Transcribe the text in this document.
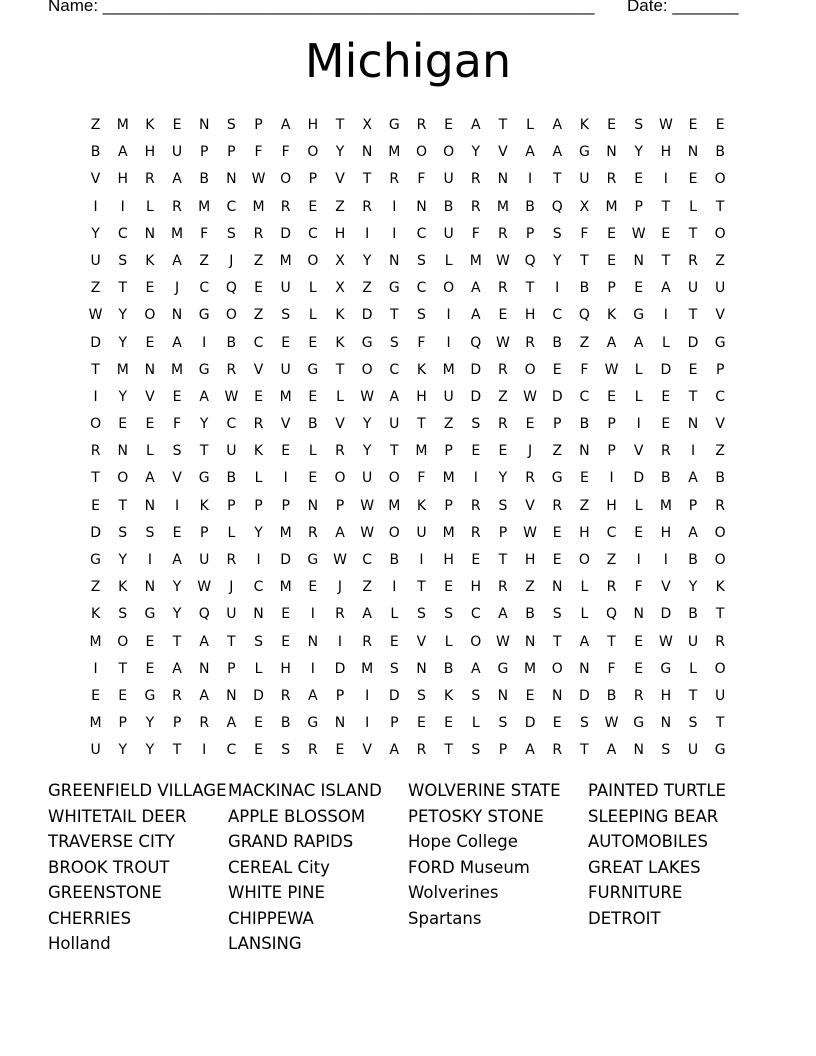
Name: ____________________________________________________ Date: _______
Michigan
Z	M	K	E	N	S	P	A	H	T	X	G	R	E	A	T	L	A	K	E	S	W	E	E
B	A	H	U	P	P	F	F	O	Y	N	M	O	O	Y	V	A	A	G	N	Y	H	N	B
V	H	R	A	B	N	W	O	P	V	T	R	F	U	R	N	I	T	U	R	E	I	E	O
I	I	L	R	M	C	M	R	E	Z	R	I	N	B	R	M	B	Q	X	M	P	T	L	T
Y	C	N	M	F	S	R	D	C	H	I	I	C	U	F	R	P	S	F	E	W	E	T	O
U	S	K	A	Z	J	Z	M	O	X	Y	N	S	L	M	W	Q	Y	T	E	N	T	R	Z
Z	T	E	J	C	Q	E	U	L	X	Z	G	C	O	A	R	T	I	B	P	E	A	U	U
W	Y	O	N	G	O	Z	S	L	K	D	T	S	I	A	E	H	C	Q	K	G	I	T	V
D	Y	E	A	I	B	C	E	E	K	G	S	F	I	Q	W	R	B	Z	A	A	L	D	G
T	M	N	M	G	R	V	U	G	T	O	C	K	M	D	R	O	E	F	W	L	D	E	P
I	Y	V	E	A	W	E	M	E	L	W	A	H	U	D	Z	W	D	C	E	L	E	T	C
O	E	E	F	Y	C	R	V	B	V	Y	U	T	Z	S	R	E	P	B	P	I	E	N	V
R	N	L	S	T	U	K	E	L	R	Y	T	M	P	E	E	J	Z	N	P	V	R	I	Z
T	O	A	V	G	B	L	I	E	O	U	O	F	M	I	Y	R	G	E	I	D	B	A	B
E	T	N	I	K	P	P	P	N	P	W	M	K	P	R	S	V	R	Z	H	L	M	P	R
D	S	S	E	P	L	Y	M	R	A	W	O	U	M	R	P	W	E	H	C	E	H	A	O
G	Y	I	A	U	R	I	D	G	W	C	B	I	H	E	T	H	E	O	Z	I	I	B	O
Z	K	N	Y	W	J	C	M	E	J	Z	I	T	E	H	R	Z	N	L	R	F	V	Y	K
K	S	G	Y	Q	U	N	E	I	R	A	L	S	S	C	A	B	S	L	Q	N	D	B	T
M	O	E	T	A	T	S	E	N	I	R	E	V	L	O	W	N	T	A	T	E	W	U	R
I	T	E	A	N	P	L	H	I	D	M	S	N	B	A	G	M	O	N	F	E	G	L	O
E	E	G	R	A	N	D	R	A	P	I	D	S	K	S	N	E	N	D	B	R	H	T	U
M	P	Y	P	R	A	E	B	G	N	I	P	E	E	L	S	D	E	S	W	G	N	S	T
U	Y	Y	T	I	C	E	S	R	E	V	A	R	T	S	P	A	R	T	A	N	S	U	G
GREENFIELD VILLAGE
WHITETAIL DEER
TRAVERSE CITY
BROOK TROUT
GREENSTONE
CHERRIES
Holland
MACKINAC ISLAND
APPLE BLOSSOM
GRAND RAPIDS
CEREAL City
WHITE PINE
CHIPPEWA
LANSING
WOLVERINE STATE
PETOSKY STONE
Hope College
FORD Museum
Wolverines
Spartans
PAINTED TURTLE
SLEEPING BEAR
AUTOMOBILES
GREAT LAKES
FURNITURE
DETROIT
